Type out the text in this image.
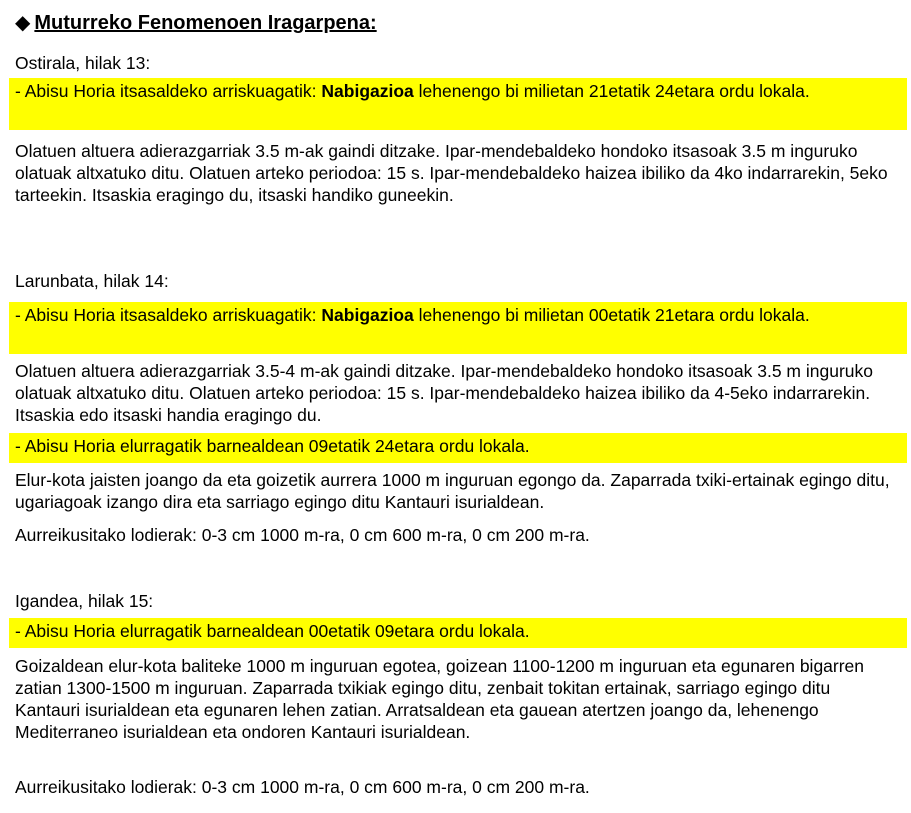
◆ Muturreko Fenomenoen Iragarpena:
Ostirala, hilak 13:
- Abisu Horia itsasaldeko arriskuagatik: Nabigazioa lehenengo bi milietan 21etatik 24etara ordu lokala.
Olatuen altuera adierazgarriak 3.5 m-ak gaindi ditzake. Ipar-mendebaldeko hondoko itsasoak 3.5 m inguruko olatuak altxatuko ditu. Olatuen arteko periodoa: 15 s. Ipar-mendebaldeko haizea ibiliko da 4ko indarrarekin, 5eko tarteekin. Itsaskia eragingo du, itsaski handiko guneekin.
Larunbata, hilak 14:
- Abisu Horia itsasaldeko arriskuagatik: Nabigazioa lehenengo bi milietan 00etatik 21etara ordu lokala.
Olatuen altuera adierazgarriak 3.5-4 m-ak gaindi ditzake. Ipar-mendebaldeko hondoko itsasoak 3.5 m inguruko olatuak altxatuko ditu. Olatuen arteko periodoa: 15 s. Ipar-mendebaldeko haizea ibiliko da 4-5eko indarrarekin. Itsaskia edo itsaski handia eragingo du.
- Abisu Horia elurragatik barnealdean 09etatik 24etara ordu lokala.
Elur-kota jaisten joango da eta goizetik aurrera 1000 m inguruan egongo da. Zaparrada txiki-ertainak egingo ditu, ugariagoak izango dira eta sarriago egingo ditu Kantauri isurialdean.
Aurreikusitako lodierak: 0-3 cm 1000 m-ra, 0 cm 600 m-ra, 0 cm 200 m-ra.
Igandea, hilak 15:
- Abisu Horia elurragatik barnealdean 00etatik 09etara ordu lokala.
Goizaldean elur-kota baliteke 1000 m inguruan egotea, goizean 1100-1200 m inguruan eta egunaren bigarren zatian 1300-1500 m inguruan. Zaparrada txikiak egingo ditu, zenbait tokitan ertainak, sarriago egingo ditu Kantauri isurialdean eta egunaren lehen zatian. Arratsaldean eta gauean atertzen joango da, lehenengo Mediterraneo isurialdean eta ondoren Kantauri isurialdean.
Aurreikusitako lodierak: 0-3 cm 1000 m-ra, 0 cm 600 m-ra, 0 cm 200 m-ra.
